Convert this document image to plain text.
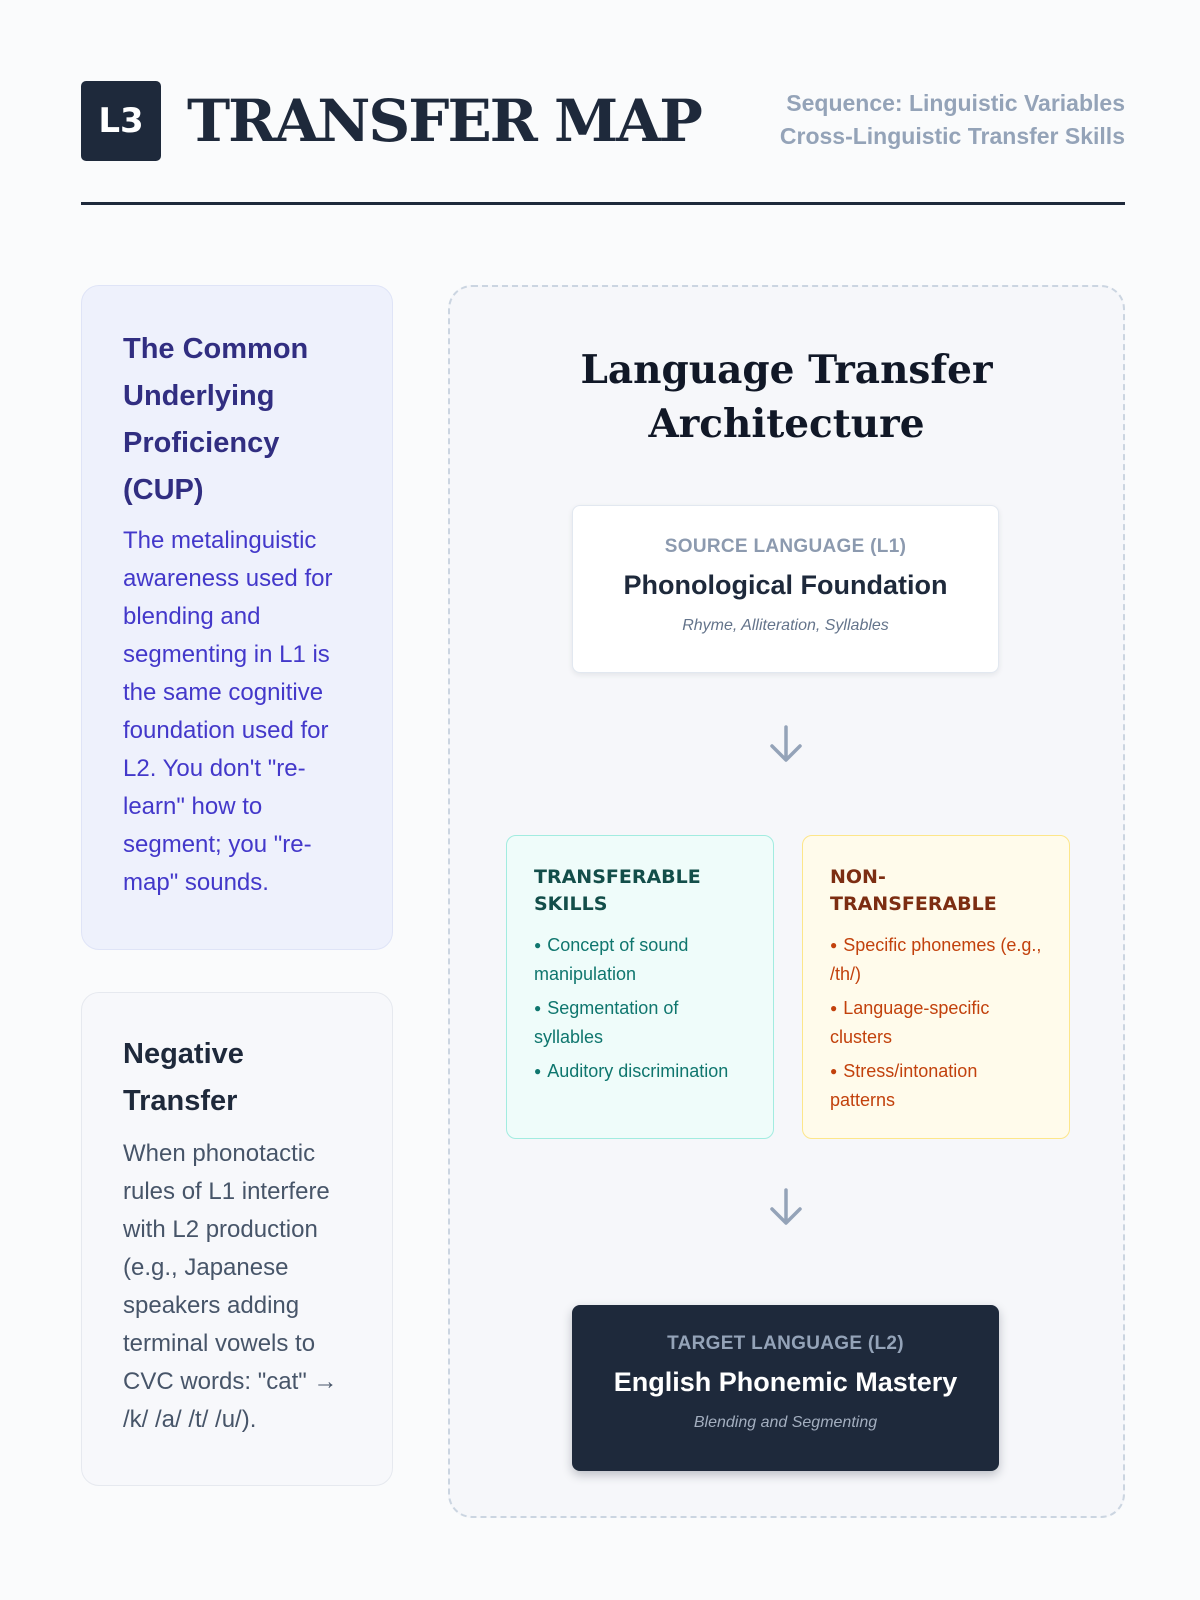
L3 TRANSFER MAP	Sequence: Linguistic Variables
Cross-Linguistic Transfer Skills
The Common Underlying Proficiency (CUP)
The metalinguistic awareness used for blending and segmenting in L1 is the same cognitive foundation used for L2. You don't "re-learn" how to segment; you "re-map" sounds.
Negative Transfer
When phonotactic rules of L1 interfere with L2 production (e.g., Japanese speakers adding terminal vowels to CVC words: "cat" → /k/ /a/ /t/ /u/).
Language Transfer Architecture
SOURCE LANGUAGE (L1)
Phonological Foundation
Rhyme, Alliteration, Syllables
TRANSFERABLE SKILLS
● Concept of sound manipulation
● Segmentation of syllables
● Auditory discrimination
NON-TRANSFERABLE
● Specific phonemes (e.g., /th/)
● Language-specific clusters
● Stress/intonation patterns
TARGET LANGUAGE (L2)
English Phonemic Mastery
Blending and Segmenting
